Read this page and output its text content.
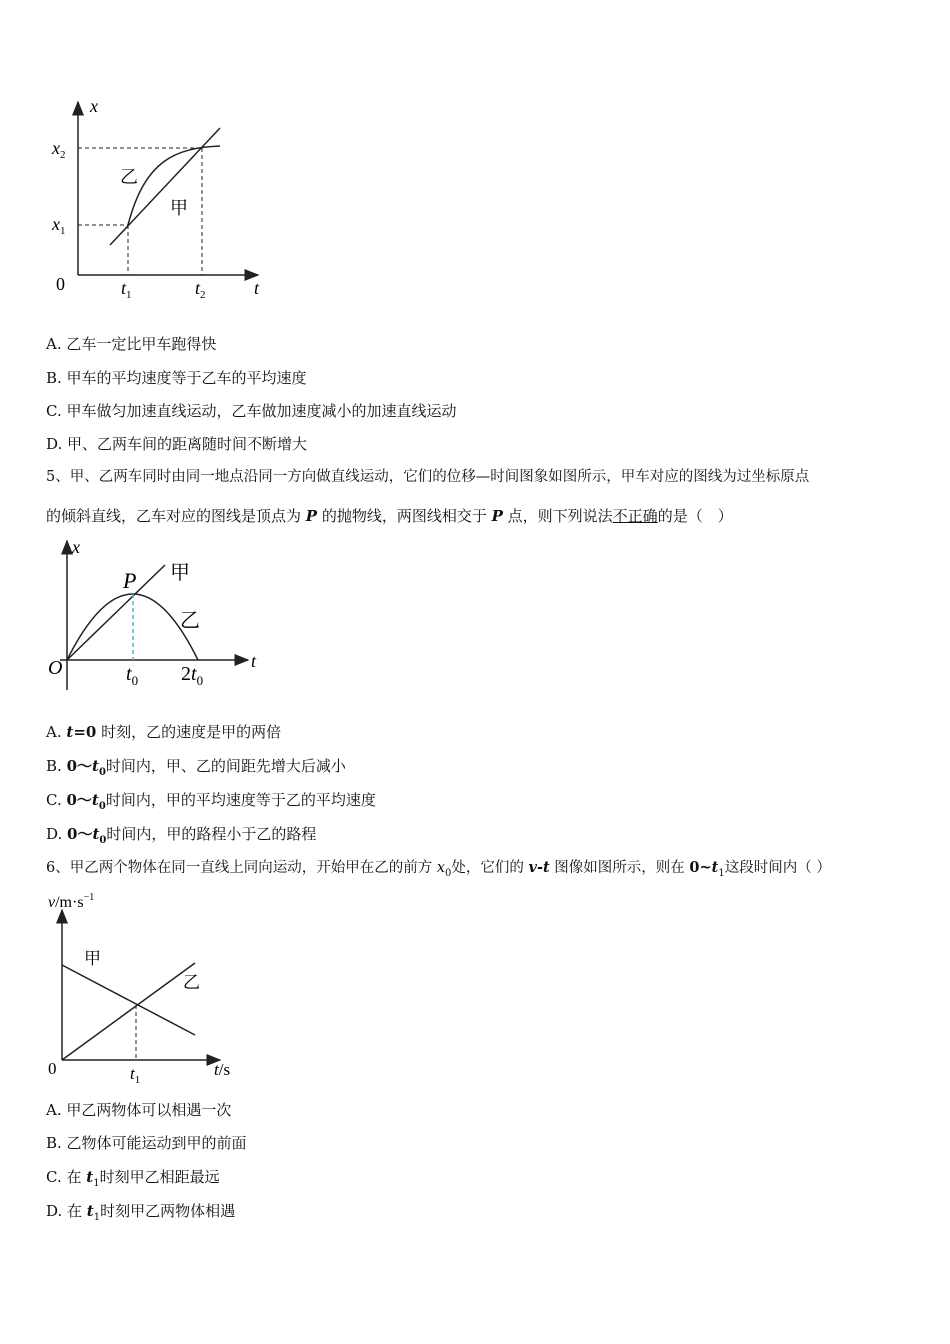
x
t
0
$x_2$
$x_1$
$t_1$	$t_2$
乙
甲
A. 乙车一定比甲车跑得快
B. 甲车的平均速度等于乙车的平均速度
C. 甲车做匀加速直线运动，乙车做加速度减小的加速直线运动
D. 甲、乙两车间的距离随时间不断增大
5、甲、乙两车同时由同一地点沿同一方向做直线运动，它们的位移—时间图象如图所示，甲车对应的图线为过坐标原点
的倾斜直线，乙车对应的图线是顶点为 P 的抛物线，两图线相交于 P 点，则下列说法不正确的是（　）
x
t
O
P 甲
乙
$t_0$ $2t_0$
A. t=0 时刻，乙的速度是甲的两倍
B. $0\sim t_0$时间内，甲、乙的间距先增大后减小
C. $0\sim t_0$时间内，甲的平均速度等于乙的平均速度
D. $0\sim t_0$时间内，甲的路程小于乙的路程
6、甲乙两个物体在同一直线上同向运动，开始甲在乙的前方 $x_0$处，它们的 v-t 图像如图所示，则在 $0\sim t_1$这段时间内（ ）
$v/m\cdot s^{-1}$
t/s
0	$t_1$
甲
乙
A. 甲乙两物体可以相遇一次
B. 乙物体可能运动到甲的前面
C. 在 $t_1$时刻甲乙相距最远
D. 在 $t_1$时刻甲乙两物体相遇
